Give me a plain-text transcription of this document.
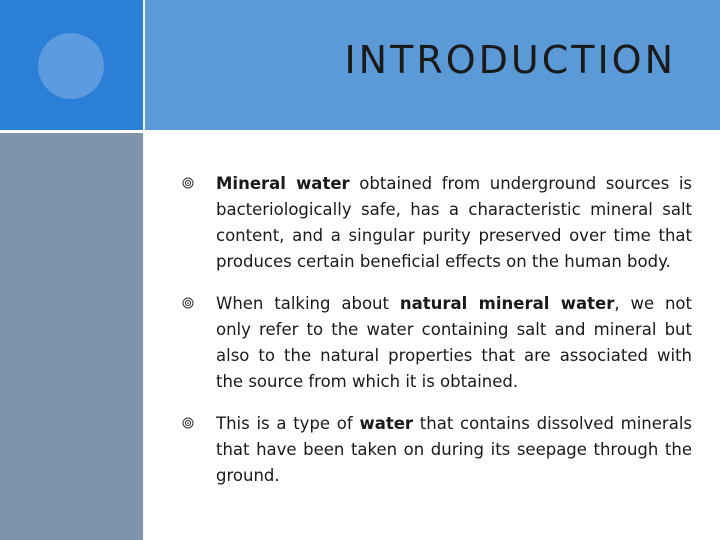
INTRODUCTION
Mineral water obtained from underground sources is bacteriologically safe, has a characteristic mineral salt content, and a singular purity preserved over time that produces certain beneficial effects on the human body.
When talking about natural mineral water, we not only refer to the water containing salt and mineral but also to the natural properties that are associated with the source from which it is obtained.
This is a type of water that contains dissolved minerals that have been taken on during its seepage through the ground.
